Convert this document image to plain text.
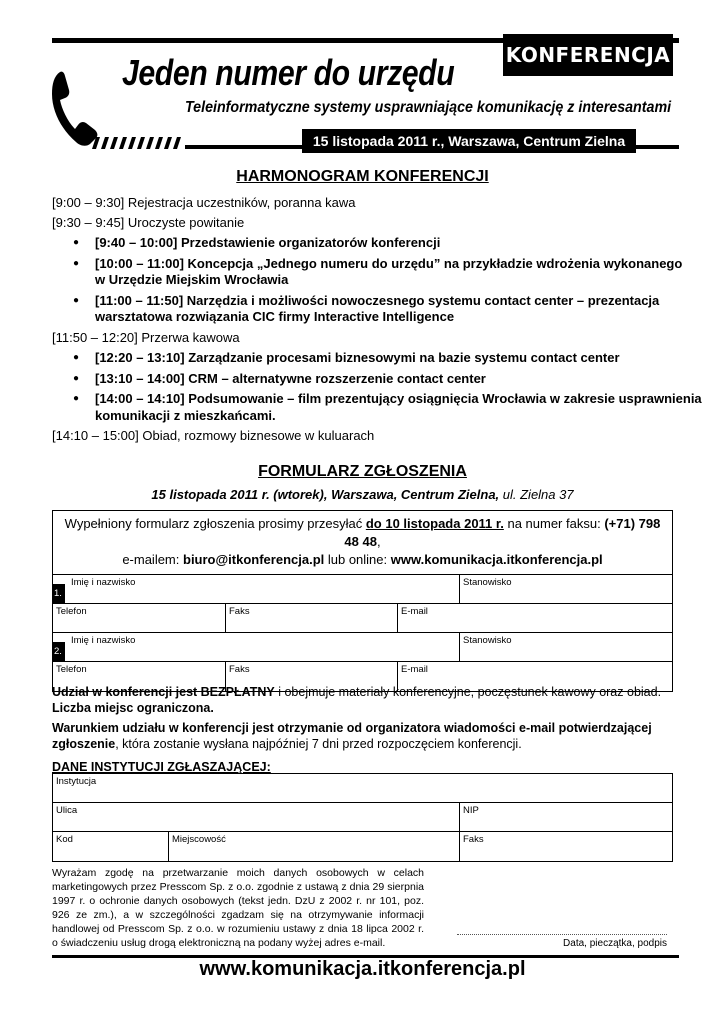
KONFERENCJA
Jeden numer do urzędu
Teleinformatyczne systemy usprawniające komunikację z interesantami
15 listopada 2011 r., Warszawa, Centrum Zielna
HARMONOGRAM KONFERENCJI
[9:00 – 9:30] Rejestracja uczestników, poranna kawa
[9:30 – 9:45] Uroczyste powitanie
● [9:40 – 10:00] Przedstawienie organizatorów konferencji
● [10:00 – 11:00] Koncepcja „Jednego numeru do urzędu” na przykładzie wdrożenia wykonanego
w Urzędzie Miejskim Wrocławia
● [11:00 – 11:50] Narzędzia i możliwości nowoczesnego systemu contact center – prezentacja
warsztatowa rozwiązania CIC firmy Interactive Intelligence
[11:50 – 12:20] Przerwa kawowa
● [12:20 – 13:10] Zarządzanie procesami biznesowymi na bazie systemu contact center
● [13:10 – 14:00] CRM – alternatywne rozszerzenie contact center
● [14:00 – 14:10] Podsumowanie – film prezentujący osiągnięcia Wrocławia w zakresie usprawnienia
komunikacji z mieszkańcami.
[14:10 – 15:00] Obiad, rozmowy biznesowe w kuluarach
FORMULARZ ZGŁOSZENIA
15 listopada 2011 r. (wtorek), Warszawa, Centrum Zielna, ul. Zielna 37
Wypełniony formularz zgłoszenia prosimy przesyłać do 10 listopada 2011 r. na numer faksu: (+71) 798 48 48,
e-mailem: biuro@itkonferencja.pl lub online: www.komunikacja.itkonferencja.pl
1.
Imię i nazwisko	Stanowisko
Telefon	Faks	E-mail
2.
Imię i nazwisko	Stanowisko
Telefon	Faks	E-mail
Udział w konferencji jest BEZPŁATNY i obejmuje materiały konferencyjne, poczęstunek kawowy oraz obiad. Liczba miejsc ograniczona.
Warunkiem udziału w konferencji jest otrzymanie od organizatora wiadomości e-mail potwierdzającej zgłoszenie, która zostanie wysłana najpóźniej 7 dni przed rozpoczęciem konferencji.
DANE INSTYTUCJI ZGŁASZAJĄCEJ:
Instytucja
Ulica	NIP
Kod	Miejscowość	Faks
Wyrażam zgodę na przetwarzanie moich danych osobowych w celach marketingowych przez Presscom Sp. z o.o. zgodnie z ustawą z dnia 29 sierpnia 1997 r. o ochronie danych osobowych (tekst jedn. DzU z 2002 r. nr 101, poz. 926 ze zm.), a w szczególności zgadzam się na otrzymywanie informacji handlowej od Presscom Sp. z o.o. w rozumieniu ustawy z dnia 18 lipca 2002 r. o świadczeniu usług drogą elektroniczną na podany wyżej adres e-mail.	Data, pieczątka, podpis
www.komunikacja.itkonferencja.pl
